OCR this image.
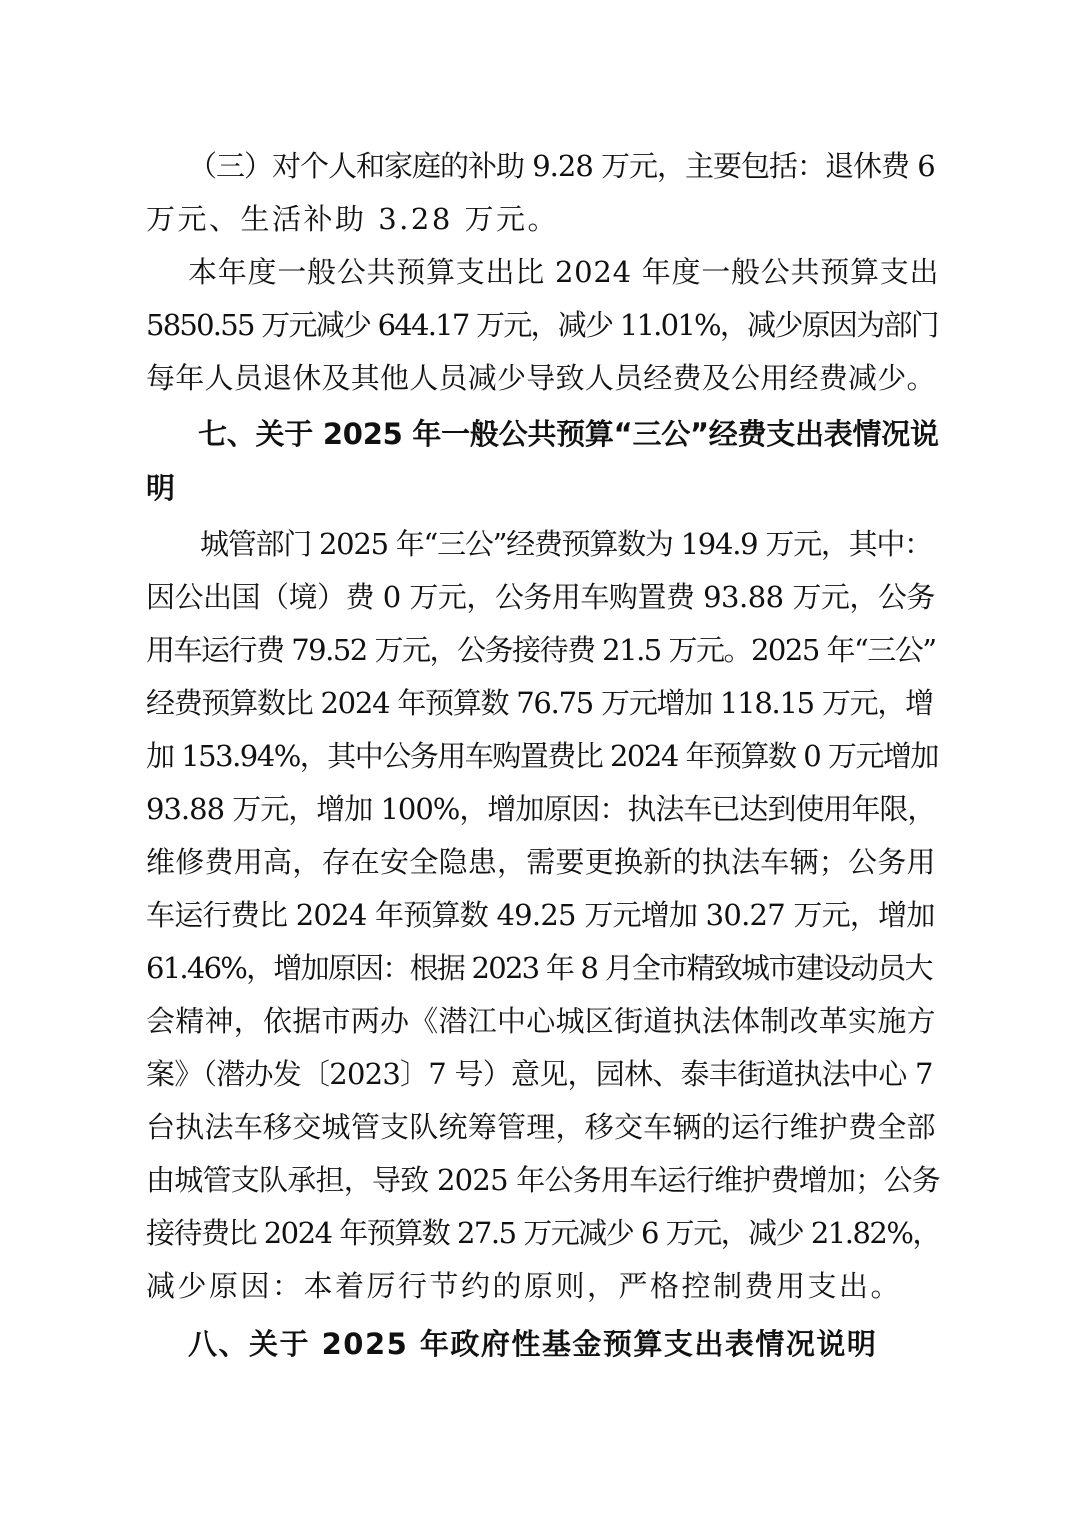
（三）对个人和家庭的补助 9.28 万元，主要包括：退休费 6
万元、生活补助 3.28 万元。
本年度一般公共预算支出比 2024 年度一般公共预算支出
5850.55 万元减少 644.17 万元，减少 11.01%，减少原因为部门
每年人员退休及其他人员减少导致人员经费及公用经费减少。
七、关于 2025 年一般公共预算“三公”经费支出表情况说
明
城管部门 2025 年“三公”经费预算数为 194.9 万元，其中：
因公出国（境）费 0 万元，公务用车购置费 93.88 万元，公务
用车运行费 79.52 万元，公务接待费 21.5 万元。2025 年“三公”
经费预算数比 2024 年预算数 76.75 万元增加 118.15 万元，增
加 153.94%，其中公务用车购置费比 2024 年预算数 0 万元增加
93.88 万元，增加 100%，增加原因：执法车已达到使用年限，
维修费用高，存在安全隐患，需要更换新的执法车辆；公务用
车运行费比 2024 年预算数 49.25 万元增加 30.27 万元，增加
61.46%，增加原因：根据 2023 年 8 月全市精致城市建设动员大
会精神，依据市两办《潜江中心城区街道执法体制改革实施方
案》（潜办发〔2023〕7 号）意见，园林、泰丰街道执法中心 7
台执法车移交城管支队统筹管理，移交车辆的运行维护费全部
由城管支队承担，导致 2025 年公务用车运行维护费增加；公务
接待费比 2024 年预算数 27.5 万元减少 6 万元，减少 21.82%，
减少原因：本着厉行节约的原则，严格控制费用支出。
八、关于 2025 年政府性基金预算支出表情况说明
